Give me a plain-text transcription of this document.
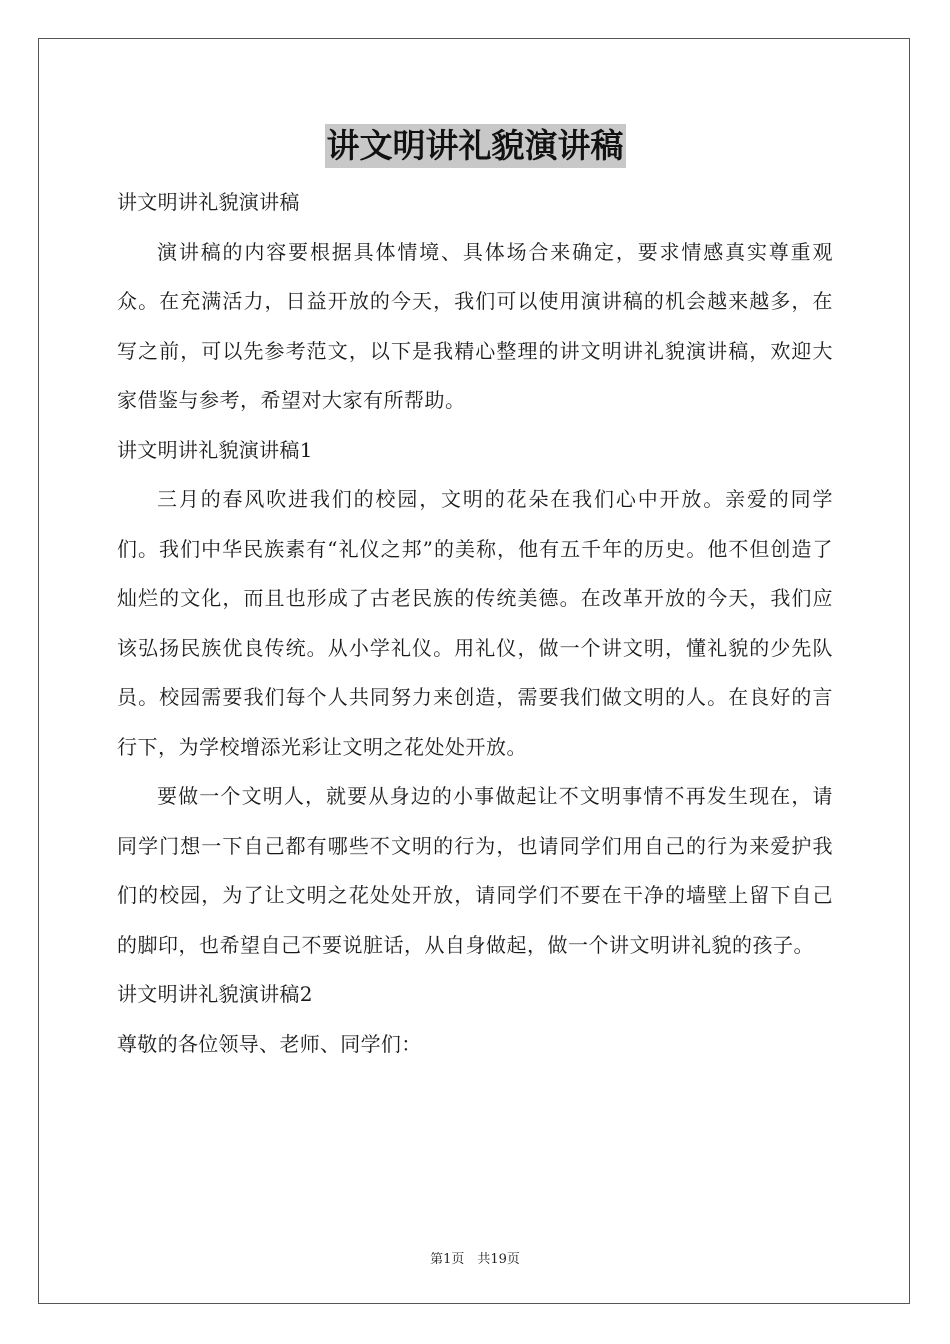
讲文明讲礼貌演讲稿

讲文明讲礼貌演讲稿

演讲稿的内容要根据具体情境、具体场合来确定，要求情感真实尊重观众。在充满活力，日益开放的今天，我们可以使用演讲稿的机会越来越多，在写之前，可以先参考范文，以下是我精心整理的讲文明讲礼貌演讲稿，欢迎大家借鉴与参考，希望对大家有所帮助。

讲文明讲礼貌演讲稿1

三月的春风吹进我们的校园，文明的花朵在我们心中开放。亲爱的同学们。我们中华民族素有“礼仪之邦”的美称，他有五千年的历史。他不但创造了灿烂的文化，而且也形成了古老民族的传统美德。在改革开放的今天，我们应该弘扬民族优良传统。从小学礼仪。用礼仪，做一个讲文明，懂礼貌的少先队员。校园需要我们每个人共同努力来创造，需要我们做文明的人。在良好的言行下，为学校增添光彩让文明之花处处开放。

要做一个文明人，就要从身边的小事做起让不文明事情不再发生现在，请同学门想一下自己都有哪些不文明的行为，也请同学们用自己的行为来爱护我们的校园，为了让文明之花处处开放，请同学们不要在干净的墙壁上留下自己的脚印，也希望自己不要说脏话，从自身做起，做一个讲文明讲礼貌的孩子。

讲文明讲礼貌演讲稿2

尊敬的各位领导、老师、同学们：

第1页　共19页
